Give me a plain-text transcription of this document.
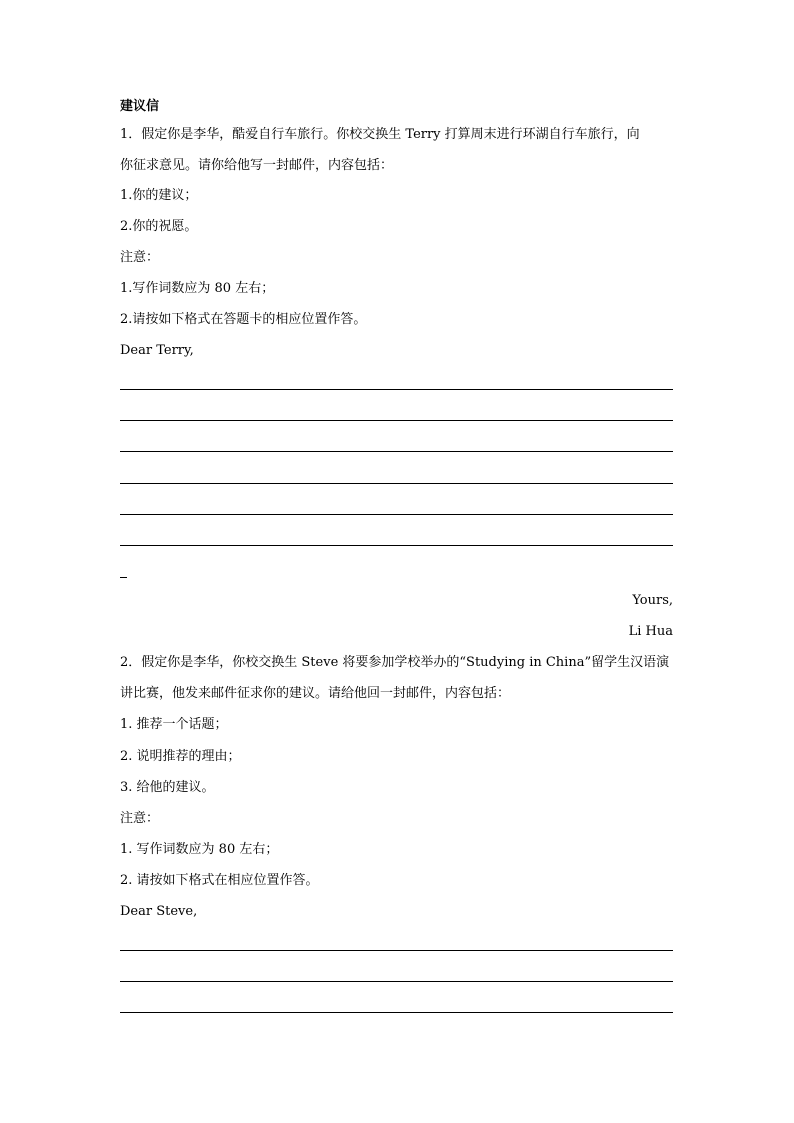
建议信
1．假定你是李华，酷爱自行车旅行。你校交换生 Terry 打算周末进行环湖自行车旅行，向
你征求意见。请你给他写一封邮件，内容包括：
1.你的建议；
2.你的祝愿。
注意：
1.写作词数应为 80 左右；
2.请按如下格式在答题卡的相应位置作答。
Dear Terry,
Yours,
Li Hua
2．假定你是李华，你校交换生 Steve 将要参加学校举办的“Studying in China”留学生汉语演
讲比赛，他发来邮件征求你的建议。请给他回一封邮件，内容包括：
1. 推荐一个话题；
2. 说明推荐的理由；
3. 给他的建议。
注意：
1. 写作词数应为 80 左右；
2. 请按如下格式在相应位置作答。
Dear Steve,
